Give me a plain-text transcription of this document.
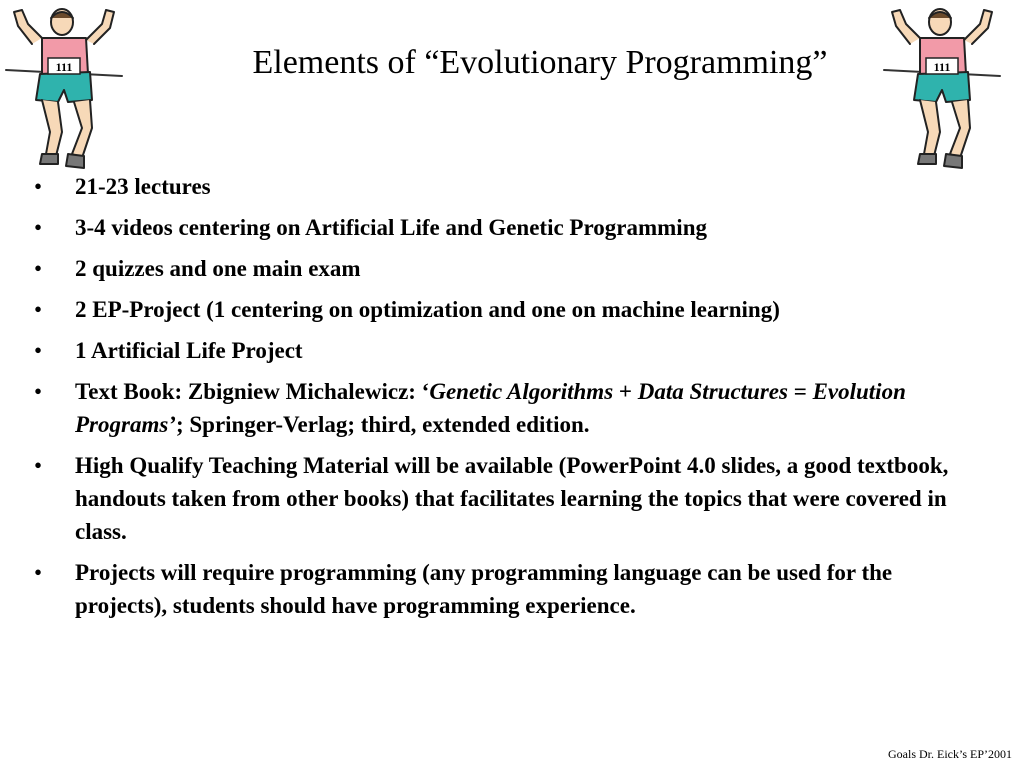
111	111
Elements of “Evolutionary Programming”
• 21-23 lectures
• 3-4 videos centering on Artificial Life and Genetic Programming
• 2 quizzes and one main exam
• 2 EP-Project (1 centering on optimization and one on machine learning)
• 1 Artificial Life Project
• Text Book: Zbigniew Michalewicz: ‘Genetic Algorithms + Data Structures = Evolution Programs’; Springer-Verlag; third, extended edition.
• High Qualify Teaching Material will be available (PowerPoint 4.0 slides, a good textbook, handouts taken from other books) that facilitates learning the topics that were covered in class.
• Projects will require programming (any programming language can be used for the projects), students should have programming experience.
Goals Dr. Eick’s EP’2001
